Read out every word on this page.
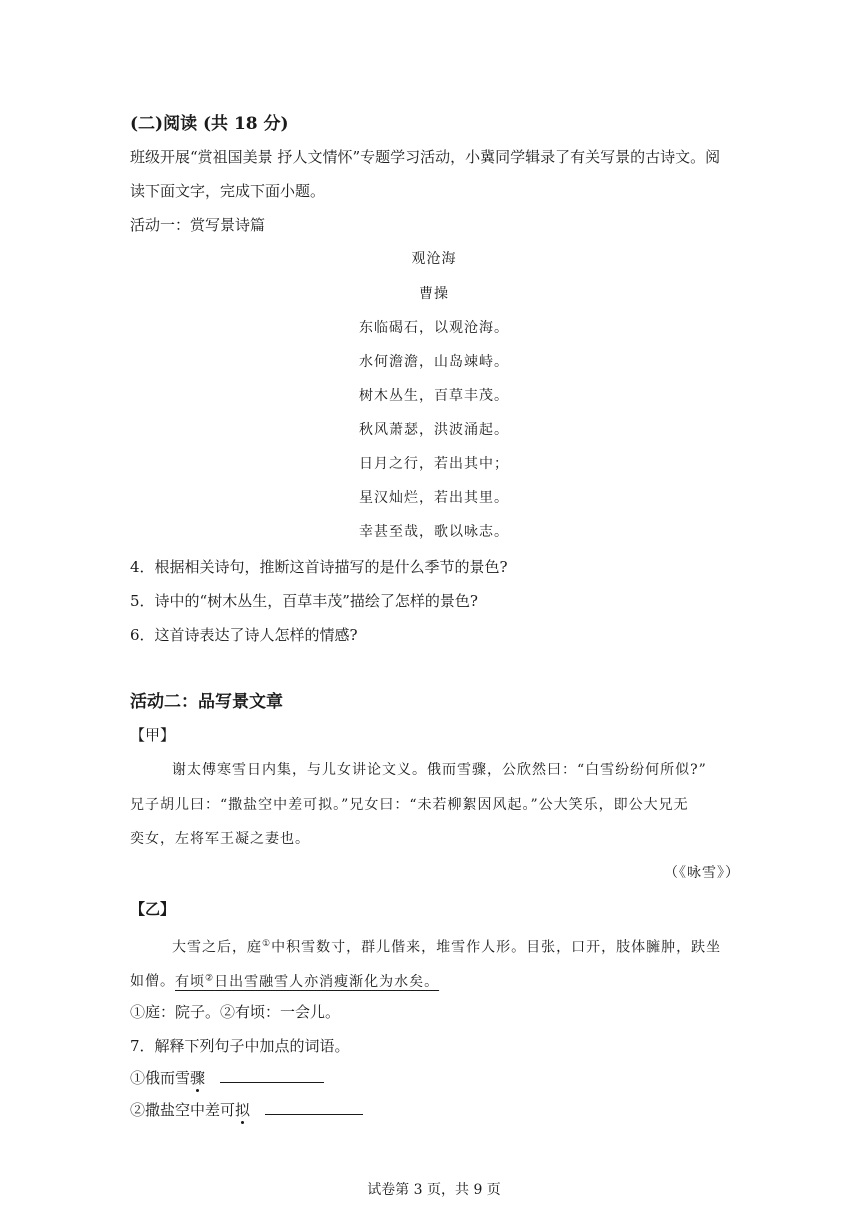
(二)阅读 (共 18 分)
班级开展“赏祖国美景 抒人文情怀”专题学习活动，小冀同学辑录了有关写景的古诗文。阅
读下面文字，完成下面小题。
活动一：赏写景诗篇
观沧海
曹操
东临碣石，以观沧海。
水何澹澹，山岛竦峙。
树木丛生，百草丰茂。
秋风萧瑟，洪波涌起。
日月之行，若出其中；
星汉灿烂，若出其里。
幸甚至哉，歌以咏志。
4．根据相关诗句，推断这首诗描写的是什么季节的景色?
5．诗中的“树木丛生，百草丰茂”描绘了怎样的景色?
6．这首诗表达了诗人怎样的情感?
活动二：品写景文章
【甲】
谢太傅寒雪日内集，与儿女讲论文义。俄而雪骤，公欣然曰：“白雪纷纷何所似?”
兄子胡儿曰：“撒盐空中差可拟。”兄女曰：“未若柳絮因风起。”公大笑乐，即公大兄无
奕女，左将军王凝之妻也。
（《咏雪》）
【乙】
大雪之后，庭①中积雪数寸，群儿偕来，堆雪作人形。目张，口开，肢体臃肿，趺坐
如僧。有顷②日出雪融雪人亦消瘦渐化为水矣。
①庭：院子。②有顷：一会儿。
7．解释下列句子中加点的词语。
①俄而雪骤
②撒盐空中差可拟
试卷第 3 页，共 9 页
